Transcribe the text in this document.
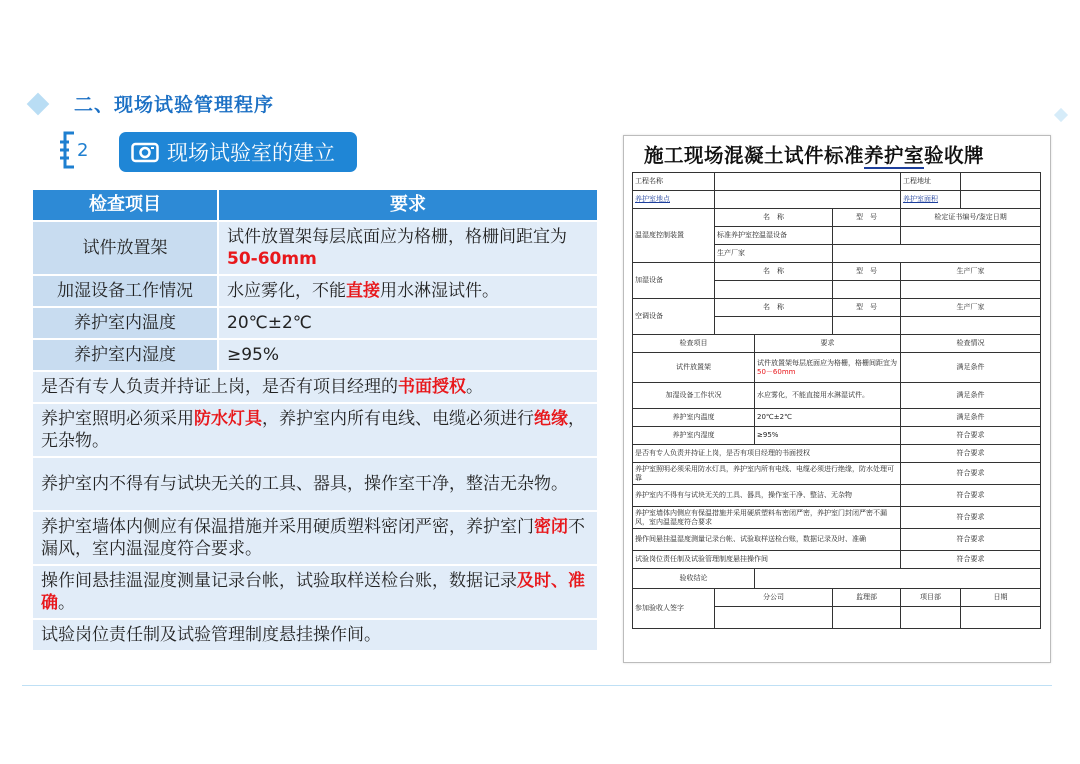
二、现场试验管理程序
2	现场试验室的建立
检查项目	要求
试件放置架	试件放置架每层底面应为格栅，格栅间距宜为50-60mm
加湿设备工作情况	水应雾化，不能直接用水淋湿试件。
养护室内温度	20℃±2℃
养护室内湿度	≥95%
是否有专人负责并持证上岗，是否有项目经理的书面授权。	
养护室照明必须采用防水灯具，养护室内所有电线、电缆必须进行绝缘，无杂物。	
养护室内不得有与试块无关的工具、器具，操作室干净，整洁无杂物。	
养护室墙体内侧应有保温措施并采用硬质塑料密闭严密，养护室门密闭不漏风，室内温湿度符合要求。	
操作间悬挂温湿度测量记录台帐，试验取样送检台账，数据记录及时、准确。	
试验岗位责任制及试验管理制度悬挂操作间。	
施工现场混凝土试件标准养护室验收牌
工程名称				工程地址	
养护室地点				养护室面积	
温湿度控制装置	名　称		型　号	检定证书编号/鉴定日期	
	标准养护室控温湿设备				
	生产厂家				
加湿设备	名　称		型　号	生产厂家	

空调设备	名　称		型　号	生产厂家	

检查项目		要求		检查情况	
试件放置架		试件放置架每层底面应为格栅，格栅间距宜为50－60mm		满足条件	
加湿设备工作状况		水应雾化，不能直接用水淋湿试件。		满足条件	
养护室内温度		20℃±2℃		满足条件	
养护室内湿度		≥95%		符合要求	
是否有专人负责并持证上岗，是否有项目经理的书面授权				符合要求	
养护室照明必须采用防水灯具，养护室内所有电线、电缆必须进行绝缘，防水处理可靠				符合要求	
养护室内不得有与试块无关的工具、器具，操作室干净、整洁、无杂物				符合要求	
养护室墙体内侧应有保温措施并采用硬质塑料布密闭严密，养护室门封闭严密不漏风，室内温湿度符合要求				符合要求	
操作间悬挂温湿度测量记录台帐、试验取样送检台账，数据记录及时、准确				符合要求	
试验岗位责任制及试验管理制度悬挂操作间				符合要求	
验收结论					
参加验收人签字	分公司		监理部	项目部	日期
